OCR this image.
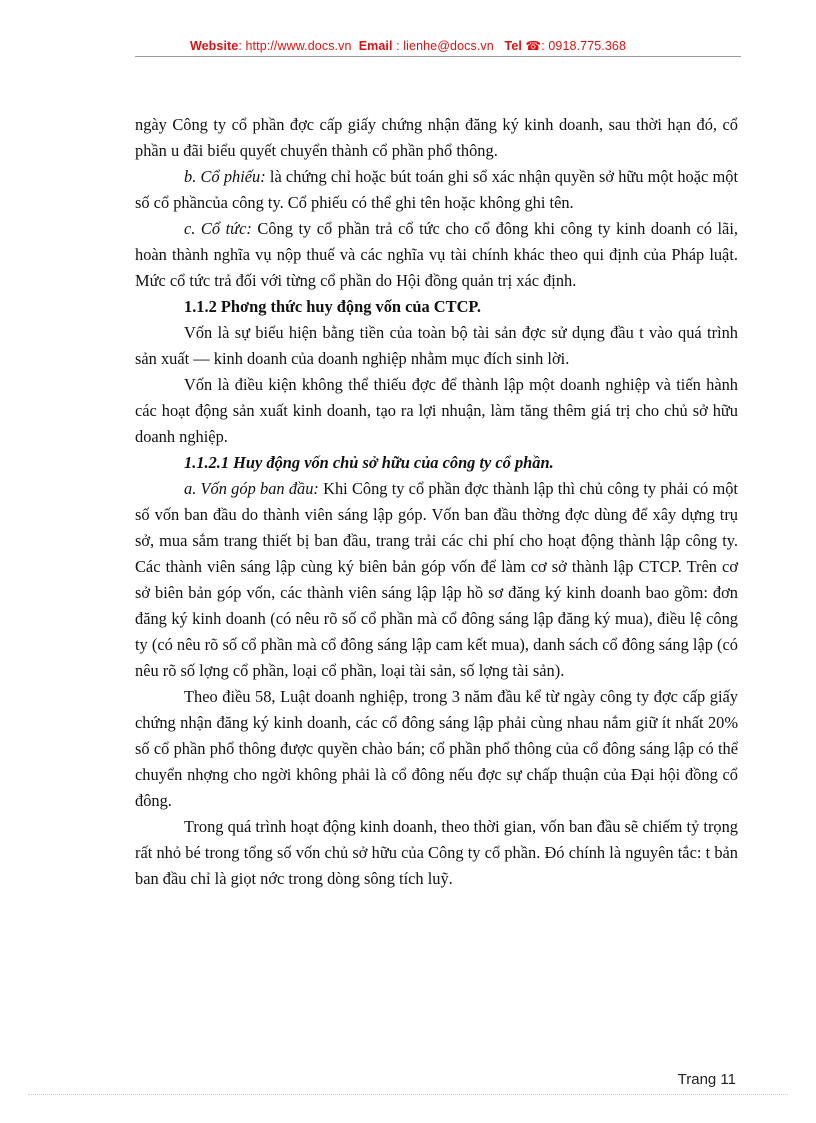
Website: http://www.docs.vn Email : lienhe@docs.vn Tel ☎: 0918.775.368

ngày Công ty cổ phần đợc cấp giấy chứng nhận đăng ký kinh doanh, sau thời hạn đó, cổ phần u đãi biểu quyết chuyển thành cổ phần phổ thông.

b. Cổ phiếu: là chứng chỉ hoặc bút toán ghi sổ xác nhận quyền sở hữu một hoặc một số cổ phầncủa công ty. Cổ phiếu có thể ghi tên hoặc không ghi tên.

c. Cổ tức: Công ty cổ phần trả cổ tức cho cổ đông khi công ty kinh doanh có lãi, hoàn thành nghĩa vụ nộp thuế và các nghĩa vụ tài chính khác theo qui định của Pháp luật. Mức cổ tức trả đối với từng cổ phần do Hội đồng quản trị xác định.

1.1.2 Phơng thức huy động vốn của CTCP.

Vốn là sự biểu hiện bằng tiền của toàn bộ tài sản đợc sử dụng đầu t vào quá trình sản xuất — kinh doanh của doanh nghiệp nhằm mục đích sinh lời.

Vốn là điều kiện không thể thiếu đợc để thành lập một doanh nghiệp và tiến hành các hoạt động sản xuất kinh doanh, tạo ra lợi nhuận, làm tăng thêm giá trị cho chủ sở hữu doanh nghiệp.

1.1.2.1 Huy động vốn chủ sở hữu của công ty cổ phần.

a. Vốn góp ban đầu: Khi Công ty cổ phần đợc thành lập thì chủ công ty phải có một số vốn ban đầu do thành viên sáng lập góp. Vốn ban đầu thờng đợc dùng để xây dựng trụ sở, mua sắm trang thiết bị ban đầu, trang trải các chi phí cho hoạt động thành lập công ty. Các thành viên sáng lập cùng ký biên bản góp vốn để làm cơ sở thành lập CTCP. Trên cơ sở biên bản góp vốn, các thành viên sáng lập lập hồ sơ đăng ký kinh doanh bao gồm: đơn đăng ký kinh doanh (có nêu rõ số cổ phần mà cổ đông sáng lập đăng ký mua), điều lệ công ty (có nêu rõ số cổ phần mà cổ đông sáng lập cam kết mua), danh sách cổ đông sáng lập (có nêu rõ số lợng cổ phần, loại cổ phần, loại tài sản, số lợng tài sản).

Theo điều 58, Luật doanh nghiệp, trong 3 năm đầu kể từ ngày công ty đợc cấp giấy chứng nhận đăng ký kinh doanh, các cổ đông sáng lập phải cùng nhau nắm giữ ít nhất 20% số cổ phần phổ thông được quyền chào bán; cổ phần phổ thông của cổ đông sáng lập có thể chuyển nhợng cho ngời không phải là cổ đông nếu đợc sự chấp thuận của Đại hội đồng cổ đông.

Trong quá trình hoạt động kinh doanh, theo thời gian, vốn ban đầu sẽ chiếm tỷ trọng rất nhỏ bé trong tổng số vốn chủ sở hữu của Công ty cổ phần. Đó chính là nguyên tắc: t bản ban đầu chỉ là giọt nớc trong dòng sông tích luỹ.

Trang 11
